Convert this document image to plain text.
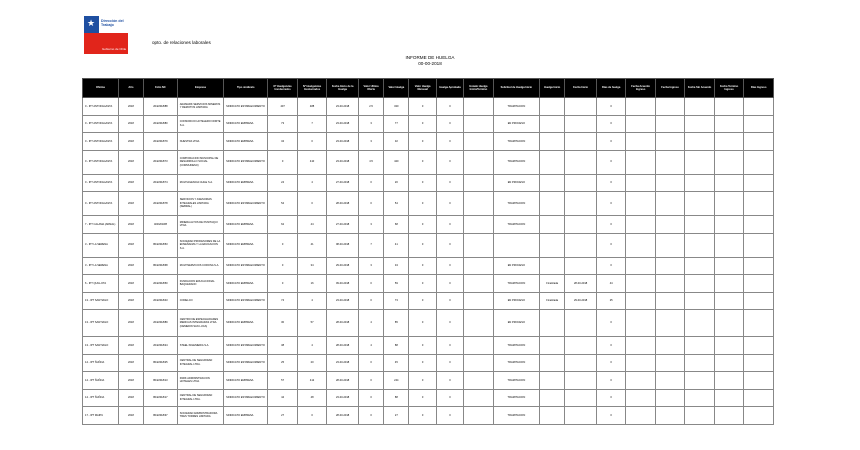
★ Dirección del Trabajo
Gobierno de Chile
opto. de relaciones laborales
INFORME DE HUELGA
00-00-2018
Oficina	Año	Folio NC	Empresa	Tipo sindicato	Nº Huelguistas Involucrados	Nº Huelguistas Involucrados	Fecha Inicio de la Huelga	Valor Ultima Oferta	Valor Huelga	Valor Huelga Mensual	Huelga Aprobada	Estado Huelga Inicio/Termino	Solicitud de Huelga Inicio	Huelga Inicio	Fecha Inicio	Días de huelga	Fecha Acuerdo Ingreso	Fecha Ingreso	Fecha Sin Acuerdo	Fecha Termino Ingreso	Días Ingreso
0 - IPT ANTOFAGASTA	2018	204/2018/88	ARAMARK SERVICIOS MINEROS Y REMOTOS LIMITADA	SINDICATO ESTABLECIMIENTO	407	488	23-03-2018	2.5	320	0	0		TRAMITACION			0					
0 - IPT ANTOFAGASTA	2018	204/2018/80	CONSORCIO HOTELERO NORTE S.A.	SINDICATO EMPRESA	73	7	23-03-2018	3	77	0	0		EN PROCESO			0					
0 - IPT ANTOFAGASTA	2018	204/2018/79	NUESTRA LTDA.	SINDICATO EMPRESA	34	0	23-03-2018	3	32	0	0		TRAMITACION			0					
0 - IPT ANTOFAGASTA	2018	204/2018/73	CORPORACION MUNICIPAL DE DESARROLLO SOCIAL (CORMUDESO)	SINDICATO ESTABLECIMIENTO	0	410	23-03-2018	4.5	420	0	0		TRAMITACION			0					
0 - IPT ANTOFAGASTA	2018	204/2018/74	MULTIAGENCIA CHILE S.A.	SINDICATO EMPRESA	24	4	27-03-2018	0	20	0	0		EN PROCESO			0					
0 - IPT ANTOFAGASTA	2018	204/2018/78	SERVICIOS Y ASESORIAS INTEGRALES LIMITADA (SEBRAL)	SINDICATO ESTABLECIMIENTO	54	0	28-03-2018	0	54	0	0		TRAMITACION			0					
7 - IPT CALAMA (ADMAL)	2018	403/2018/8	MINERA ALTOS DE PUNITAQUI LTDA.	SINDICATO EMPRESA	62	44	27-03-2018	3	68	0	0		TRAMITACION			0					
3 - IPT LA SERENA	2018	804/2018/53	SOCIEDAD PROFESORES DE LA ENSEÑANZA Y LA EDUCACION S.A.	SINDICATO EMPRESA	0	41	08-03-2018	7	41	0	0					0					
3 - IPT LA SERENA	2018	804/2018/68	MULTISERVICIOS CORONA S.A.	SINDICATO ESTABLECIMIENTO	0	34	29-03-2018	3	34	0	0		EN PROCESO			0					
6 - IPT QUILLOTA	2018	204/2018/50	FUNDACION EDUCACIONAL BAQUEDANO	SINDICATO EMPRESA	0	16	09-03-2018	0	59	0	0		TRAMITACION	Finalizada	28-03-2018	44					
13 - IPT SANTIAGO	2018	204/2018/43	CODELCO	SINDICATO ESTABLECIMIENTO	74	4	23-03-2018	0	73	0	0		EN PROCESO	Finalizada	29-03-2018	25					
13 - IPT SANTIAGO	2018	204/2018/89	CENTRO DE ESPECIALIDADES MEDICAS INTEGRADAS LTDA. (CEMEDIN SAN LUCA)	SINDICATO EMPRESA	30	57	28-03-2018	4	85	0	0		EN PROCESO			0					
13 - IPT SANTIAGO	2018	204/2018/24	STEEL INGENIERIA S.A.	SINDICATO ESTABLECIMIENTO	38	4	28-03-2018	4	88	0	0		TRAMITACION			0					
14 - IPT ÑUÑOA	2018	804/2018/25	CENTRAL DE SEGURIDAD INTEGRAL LTDA.	SINDICATO ESTABLECIMIENTO	25	20	23-03-2018	0	45	0	0		TRAMITACION			0					
14 - IPT ÑUÑOA	2018	804/2018/13	PARK ADMINISTRACION HOTELES LTDA.	SINDICATO EMPRESA	57	412	28-03-2018	0	244	0	0		TRAMITACION			0					
14 - IPT ÑUÑOA	2018	804/2018/17	CENTRAL DE SEGURIDAD INTEGRAL LTDA.	SINDICATO ESTABLECIMIENTO	44	48	23-03-2018	0	88	0	0		TRAMITACION			0					
17 - IPT MAIPU	2018	804/2018/37	SOCIEDAD ADMINISTRADORA TRES TORRES LIMITADA	SINDICATO EMPRESA	27	0	28-03-2018	0	27	0	0		TRAMITACION			0					
